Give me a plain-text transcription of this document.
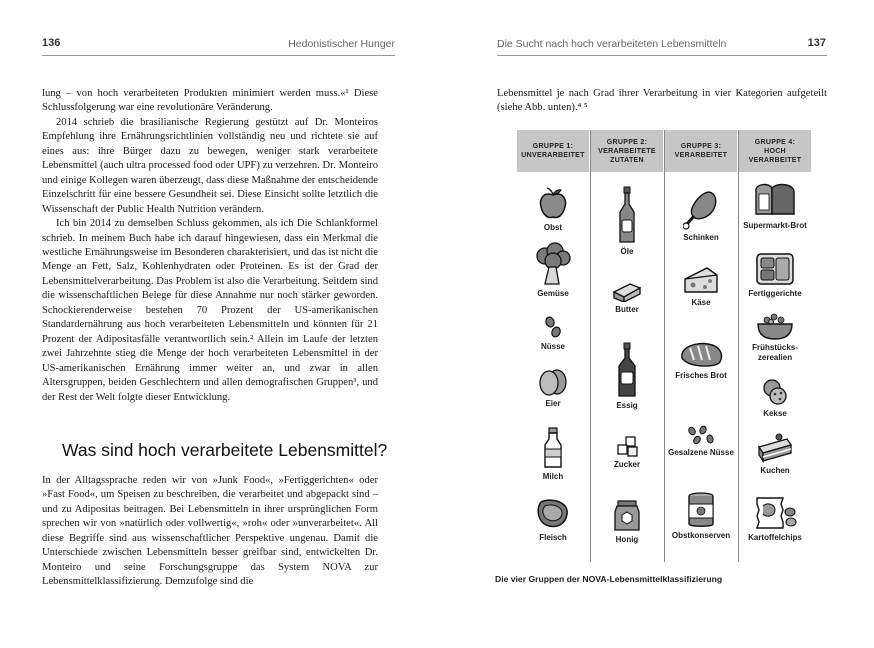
136	Hedonistischer Hunger

lung – von hoch verarbeiteten Produkten minimiert werden muss.«¹ Diese Schlussfolgerung war eine revolutionäre Veränderung.

2014 schrieb die brasilianische Regierung gestützt auf Dr. Monteiros Empfehlung ihre Ernährungsrichtlinien vollständig neu und richtete sie auf eines aus: ihre Bürger dazu zu bewegen, weniger stark verarbeitete Lebensmittel (auch ultra processed food oder UPF) zu verzehren. Dr. Monteiro und einige Kollegen waren überzeugt, dass diese Maßnahme der entscheidende Einzelschritt für eine bessere Gesundheit sei. Diese Einsicht sollte letztlich die Wissenschaft der Public Health Nutrition verändern.

Ich bin 2014 zu demselben Schluss gekommen, als ich Die Schlankformel schrieb. In meinem Buch habe ich darauf hingewiesen, dass ein Merkmal die westliche Ernährungsweise im Besonderen charakterisiert, und das ist nicht die Menge an Fett, Salz, Kohlenhydraten oder Proteinen. Es ist der Grad der Lebensmittelverarbeitung. Das Problem ist also die Verarbeitung. Seitdem sind die wissenschaftlichen Belege für diese Annahme nur noch stärker geworden. Schockierenderweise bestehen 70 Prozent der US-amerikanischen Standardernährung aus hoch verarbeiteten Lebensmitteln und könnten für 21 Prozent der Adipositasfälle verantwortlich sein.² Allein im Laufe der letzten zwei Jahrzehnte stieg die Menge der hoch verarbeiteten Lebensmittel in der US-amerikanischen Ernährung immer weiter an, und zwar in allen Altersgruppen, beiden Geschlechtern und allen demografischen Gruppen³, und der Rest der Welt folgte dieser Entwicklung.

Was sind hoch verarbeitete Lebensmittel?

In der Alltagssprache reden wir von »Junk Food«, »Fertiggerichten« oder »Fast Food«, um Speisen zu beschreiben, die verarbeitet und abgepackt sind – und zu Adipositas beitragen. Bei Lebensmitteln in ihrer ursprünglichen Form sprechen wir von »natürlich oder vollwertig«, »roh« oder »unverarbeitet«. All diese Begriffe sind aus wissenschaftlicher Perspektive ungenau. Damit die Unterschiede zwischen Lebensmitteln besser greifbar sind, entwickelten Dr. Monteiro und seine Forschungsgruppe das System NOVA zur Lebensmittelklassifizierung. Demzufolge sind die

Die Sucht nach hoch verarbeiteten Lebensmitteln	137

Lebensmittel je nach Grad ihrer Verarbeitung in vier Kategorien aufgeteilt (siehe Abb. unten).⁴ ⁵

GRUPPE 1:
UNVERARBEITET
Obst
Gemüse
Nüsse
Eier
Milch
Fleisch
GRUPPE 2:
VERARBEITETE ZUTATEN
Öle
Butter
Essig
Zucker
Honig
GRUPPE 3:
VERARBEITET
Schinken
Käse
Frisches Brot
Gesalzene Nüsse
Obstkonserven
GRUPPE 4:
HOCH VERARBEITET
Supermarkt-Brot
Fertiggerichte
Frühstücks-zerealien
Kekse
Kuchen
Kartoffelchips
Die vier Gruppen der NOVA-Lebensmittelklassifizierung
